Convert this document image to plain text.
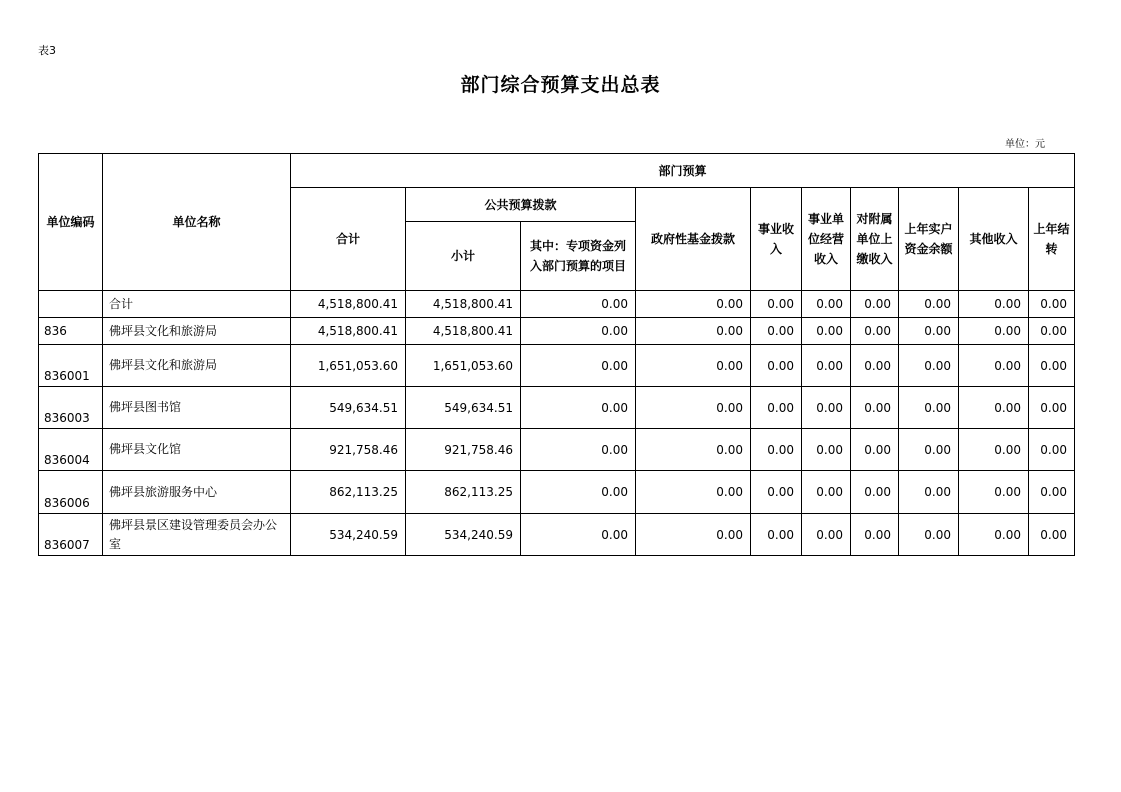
表3
部门综合预算支出总表
单位：元
单位编码	单位名称	部门预算									
		合计	公共预算拨款		政府性基金拨款	事业收入	事业单位经营收入	对附属单位上缴收入	上年实户资金余额	其他收入	上年结转
			小计	其中：专项资金列入部门预算的项目							
	合计	4,518,800.41	4,518,800.41	0.00	0.00	0.00	0.00	0.00	0.00	0.00	0.00
836	佛坪县文化和旅游局	4,518,800.41	4,518,800.41	0.00	0.00	0.00	0.00	0.00	0.00	0.00	0.00
836001	佛坪县文化和旅游局	1,651,053.60	1,651,053.60	0.00	0.00	0.00	0.00	0.00	0.00	0.00	0.00
836003	佛坪县图书馆	549,634.51	549,634.51	0.00	0.00	0.00	0.00	0.00	0.00	0.00	0.00
836004	佛坪县文化馆	921,758.46	921,758.46	0.00	0.00	0.00	0.00	0.00	0.00	0.00	0.00
836006	佛坪县旅游服务中心	862,113.25	862,113.25	0.00	0.00	0.00	0.00	0.00	0.00	0.00	0.00
836007	佛坪县景区建设管理委员会办公室	534,240.59	534,240.59	0.00	0.00	0.00	0.00	0.00	0.00	0.00	0.00
